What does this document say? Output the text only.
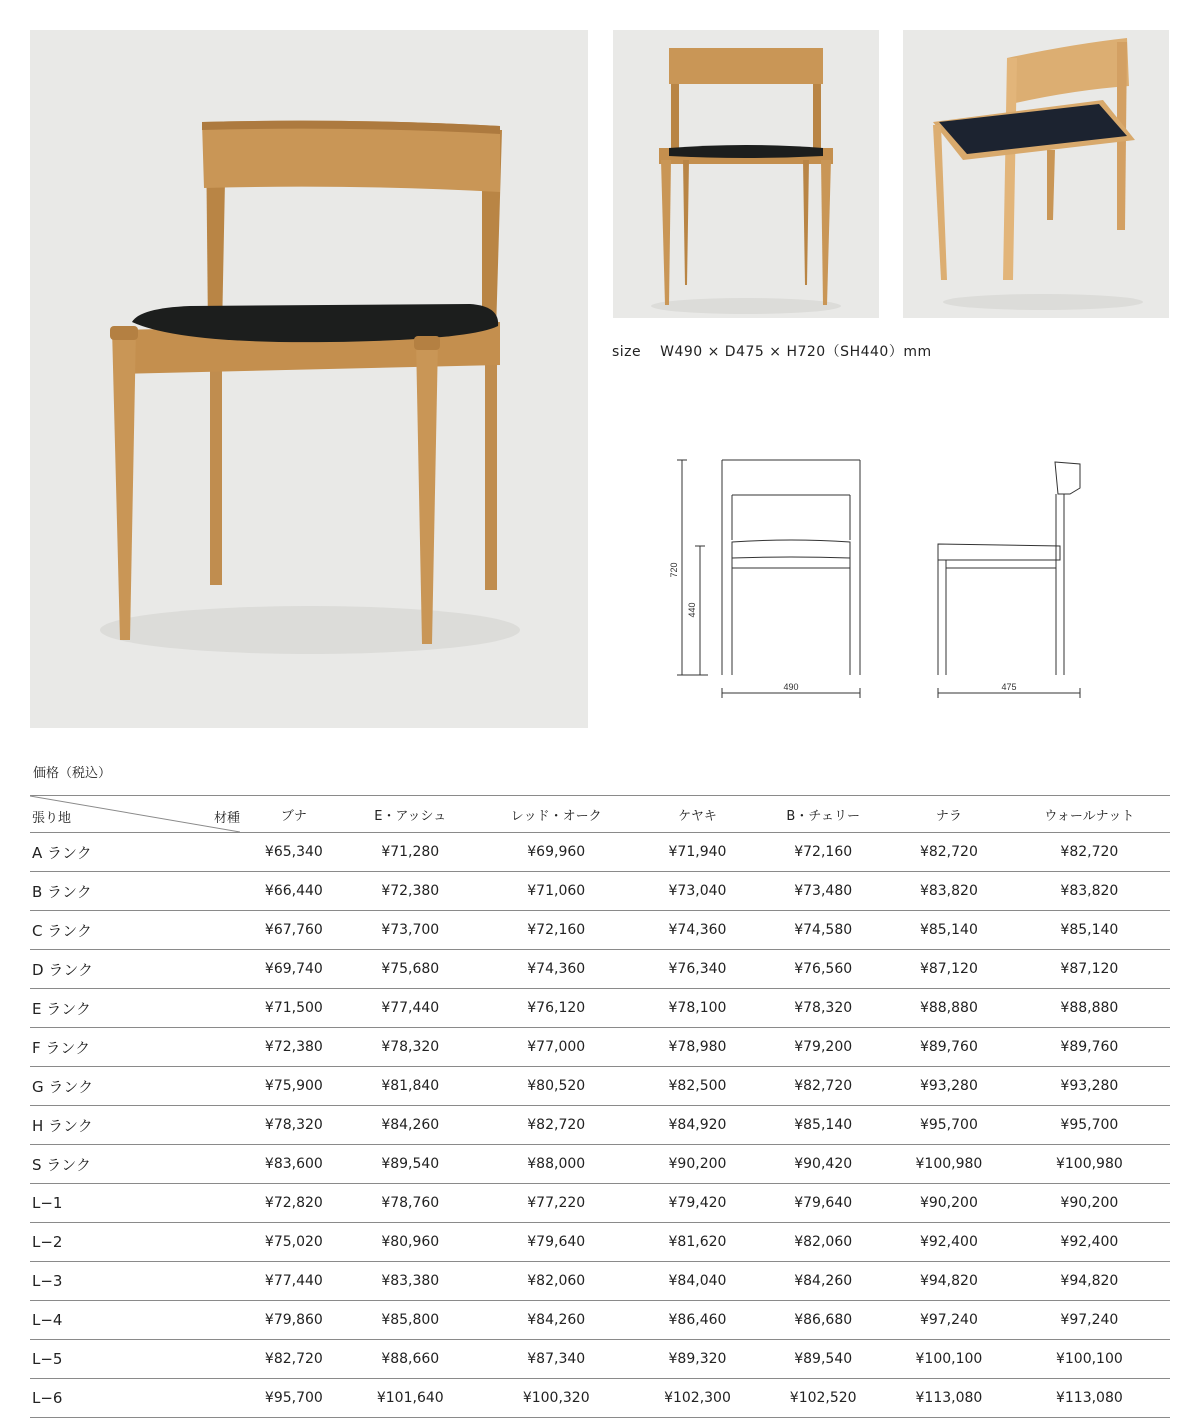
size W490 × D475 × H720（SH440）mm
720
440
490	475
価格（税込）
張り地 材種	ブナ	E・アッシュ	レッド・オーク	ケヤキ	B・チェリー	ナラ	ウォールナット
A ランク	¥65,340	¥71,280	¥69,960	¥71,940	¥72,160	¥82,720	¥82,720
B ランク	¥66,440	¥72,380	¥71,060	¥73,040	¥73,480	¥83,820	¥83,820
C ランク	¥67,760	¥73,700	¥72,160	¥74,360	¥74,580	¥85,140	¥85,140
D ランク	¥69,740	¥75,680	¥74,360	¥76,340	¥76,560	¥87,120	¥87,120
E ランク	¥71,500	¥77,440	¥76,120	¥78,100	¥78,320	¥88,880	¥88,880
F ランク	¥72,380	¥78,320	¥77,000	¥78,980	¥79,200	¥89,760	¥89,760
G ランク	¥75,900	¥81,840	¥80,520	¥82,500	¥82,720	¥93,280	¥93,280
H ランク	¥78,320	¥84,260	¥82,720	¥84,920	¥85,140	¥95,700	¥95,700
S ランク	¥83,600	¥89,540	¥88,000	¥90,200	¥90,420	¥100,980	¥100,980
L−1	¥72,820	¥78,760	¥77,220	¥79,420	¥79,640	¥90,200	¥90,200
L−2	¥75,020	¥80,960	¥79,640	¥81,620	¥82,060	¥92,400	¥92,400
L−3	¥77,440	¥83,380	¥82,060	¥84,040	¥84,260	¥94,820	¥94,820
L−4	¥79,860	¥85,800	¥84,260	¥86,460	¥86,680	¥97,240	¥97,240
L−5	¥82,720	¥88,660	¥87,340	¥89,320	¥89,540	¥100,100	¥100,100
L−6	¥95,700	¥101,640	¥100,320	¥102,300	¥102,520	¥113,080	¥113,080
